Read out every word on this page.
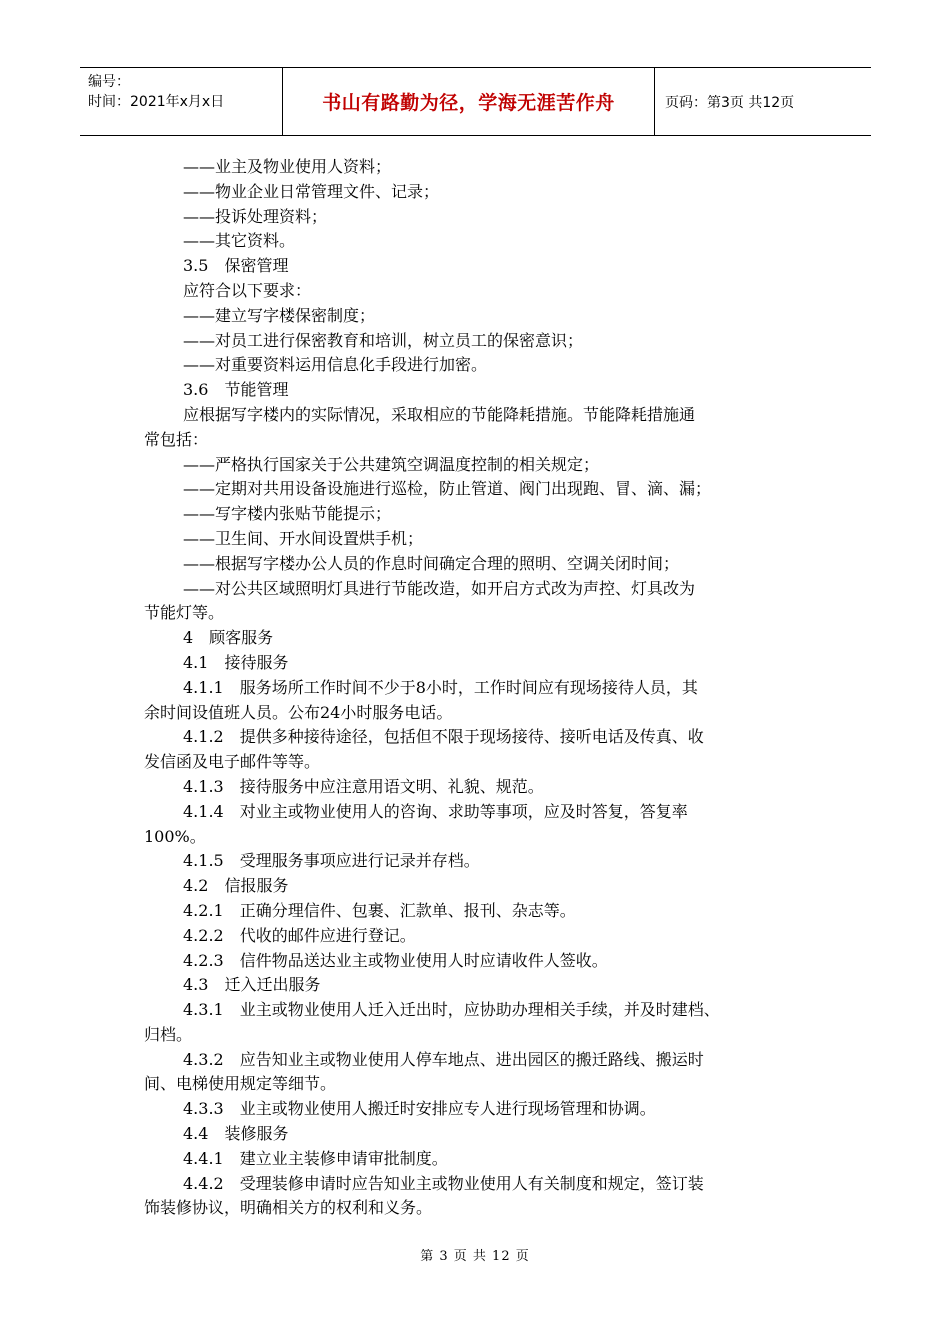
编号：
时间：2021年x月x日	书山有路勤为径，学海无涯苦作舟	页码：第3页 共12页
——业主及物业使用人资料；
——物业企业日常管理文件、记录；
——投诉处理资料；
——其它资料。
3.5　保密管理
应符合以下要求：
——建立写字楼保密制度；
——对员工进行保密教育和培训，树立员工的保密意识；
——对重要资料运用信息化手段进行加密。
3.6　节能管理
应根据写字楼内的实际情况，采取相应的节能降耗措施。节能降耗措施通
常包括：
——严格执行国家关于公共建筑空调温度控制的相关规定；
——定期对共用设备设施进行巡检，防止管道、阀门出现跑、冒、滴、漏；
——写字楼内张贴节能提示；
——卫生间、开水间设置烘手机；
——根据写字楼办公人员的作息时间确定合理的照明、空调关闭时间；
——对公共区域照明灯具进行节能改造，如开启方式改为声控、灯具改为
节能灯等。
4　顾客服务
4.1　接待服务
4.1.1　服务场所工作时间不少于8小时，工作时间应有现场接待人员，其
余时间设值班人员。公布24小时服务电话。
4.1.2　提供多种接待途径，包括但不限于现场接待、接听电话及传真、收
发信函及电子邮件等等。
4.1.3　接待服务中应注意用语文明、礼貌、规范。
4.1.4　对业主或物业使用人的咨询、求助等事项，应及时答复，答复率
100%。
4.1.5　受理服务事项应进行记录并存档。
4.2　信报服务
4.2.1　正确分理信件、包裹、汇款单、报刊、杂志等。
4.2.2　代收的邮件应进行登记。
4.2.3　信件物品送达业主或物业使用人时应请收件人签收。
4.3　迁入迁出服务
4.3.1　业主或物业使用人迁入迁出时，应协助办理相关手续，并及时建档、
归档。
4.3.2　应告知业主或物业使用人停车地点、进出园区的搬迁路线、搬运时
间、电梯使用规定等细节。
4.3.3　业主或物业使用人搬迁时安排应专人进行现场管理和协调。
4.4　装修服务
4.4.1　建立业主装修申请审批制度。
4.4.2　受理装修申请时应告知业主或物业使用人有关制度和规定，签订装
饰装修协议，明确相关方的权利和义务。
第 3 页 共 12 页
